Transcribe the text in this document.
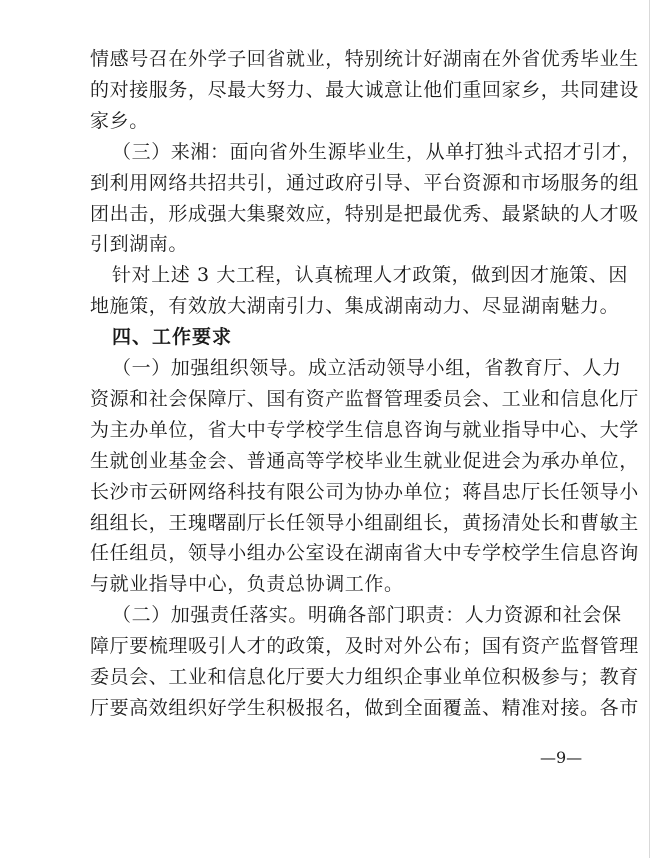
情感号召在外学子回省就业，特别统计好湖南在外省优秀毕业生
的对接服务，尽最大努力、最大诚意让他们重回家乡，共同建设
家乡。
（三）来湘：面向省外生源毕业生，从单打独斗式招才引才，
到利用网络共招共引，通过政府引导、平台资源和市场服务的组
团出击，形成强大集聚效应，特别是把最优秀、最紧缺的人才吸
引到湖南。
针对上述 3 大工程，认真梳理人才政策，做到因才施策、因
地施策，有效放大湖南引力、集成湖南动力、尽显湖南魅力。
四、工作要求
（一）加强组织领导。成立活动领导小组，省教育厅、人力
资源和社会保障厅、国有资产监督管理委员会、工业和信息化厅
为主办单位，省大中专学校学生信息咨询与就业指导中心、大学
生就创业基金会、普通高等学校毕业生就业促进会为承办单位，
长沙市云研网络科技有限公司为协办单位；蒋昌忠厅长任领导小
组组长，王瑰曙副厅长任领导小组副组长，黄扬清处长和曹敏主
任任组员，领导小组办公室设在湖南省大中专学校学生信息咨询
与就业指导中心，负责总协调工作。
（二）加强责任落实。明确各部门职责：人力资源和社会保
障厅要梳理吸引人才的政策，及时对外公布；国有资产监督管理
委员会、工业和信息化厅要大力组织企事业单位积极参与；教育
厅要高效组织好学生积极报名，做到全面覆盖、精准对接。各市
—9—
